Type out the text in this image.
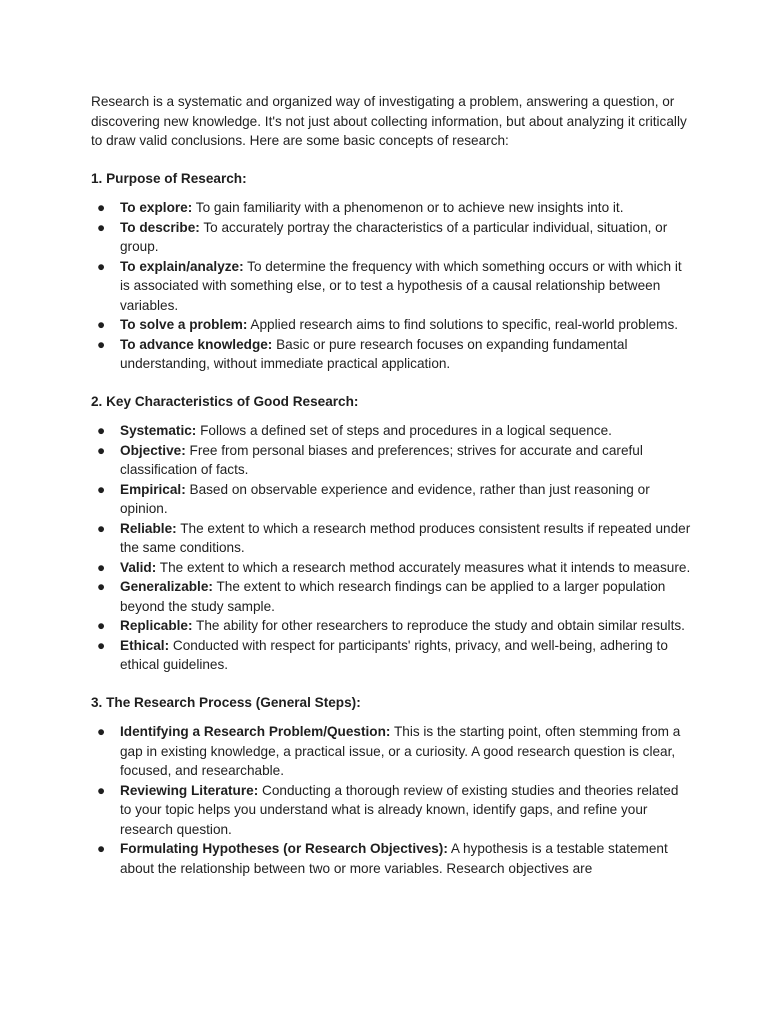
Research is a systematic and organized way of investigating a problem, answering a question, or discovering new knowledge. It's not just about collecting information, but about analyzing it critically to draw valid conclusions. Here are some basic concepts of research:

1. Purpose of Research:

● To explore: To gain familiarity with a phenomenon or to achieve new insights into it.
● To describe: To accurately portray the characteristics of a particular individual, situation, or group.
● To explain/analyze: To determine the frequency with which something occurs or with which it is associated with something else, or to test a hypothesis of a causal relationship between variables.
● To solve a problem: Applied research aims to find solutions to specific, real-world problems.
● To advance knowledge: Basic or pure research focuses on expanding fundamental understanding, without immediate practical application.

2. Key Characteristics of Good Research:

● Systematic: Follows a defined set of steps and procedures in a logical sequence.
● Objective: Free from personal biases and preferences; strives for accurate and careful classification of facts.
● Empirical: Based on observable experience and evidence, rather than just reasoning or opinion.
● Reliable: The extent to which a research method produces consistent results if repeated under the same conditions.
● Valid: The extent to which a research method accurately measures what it intends to measure.
● Generalizable: The extent to which research findings can be applied to a larger population beyond the study sample.
● Replicable: The ability for other researchers to reproduce the study and obtain similar results.
● Ethical: Conducted with respect for participants' rights, privacy, and well-being, adhering to ethical guidelines.

3. The Research Process (General Steps):

● Identifying a Research Problem/Question: This is the starting point, often stemming from a gap in existing knowledge, a practical issue, or a curiosity. A good research question is clear, focused, and researchable.
● Reviewing Literature: Conducting a thorough review of existing studies and theories related to your topic helps you understand what is already known, identify gaps, and refine your research question.
● Formulating Hypotheses (or Research Objectives): A hypothesis is a testable statement about the relationship between two or more variables. Research objectives are
